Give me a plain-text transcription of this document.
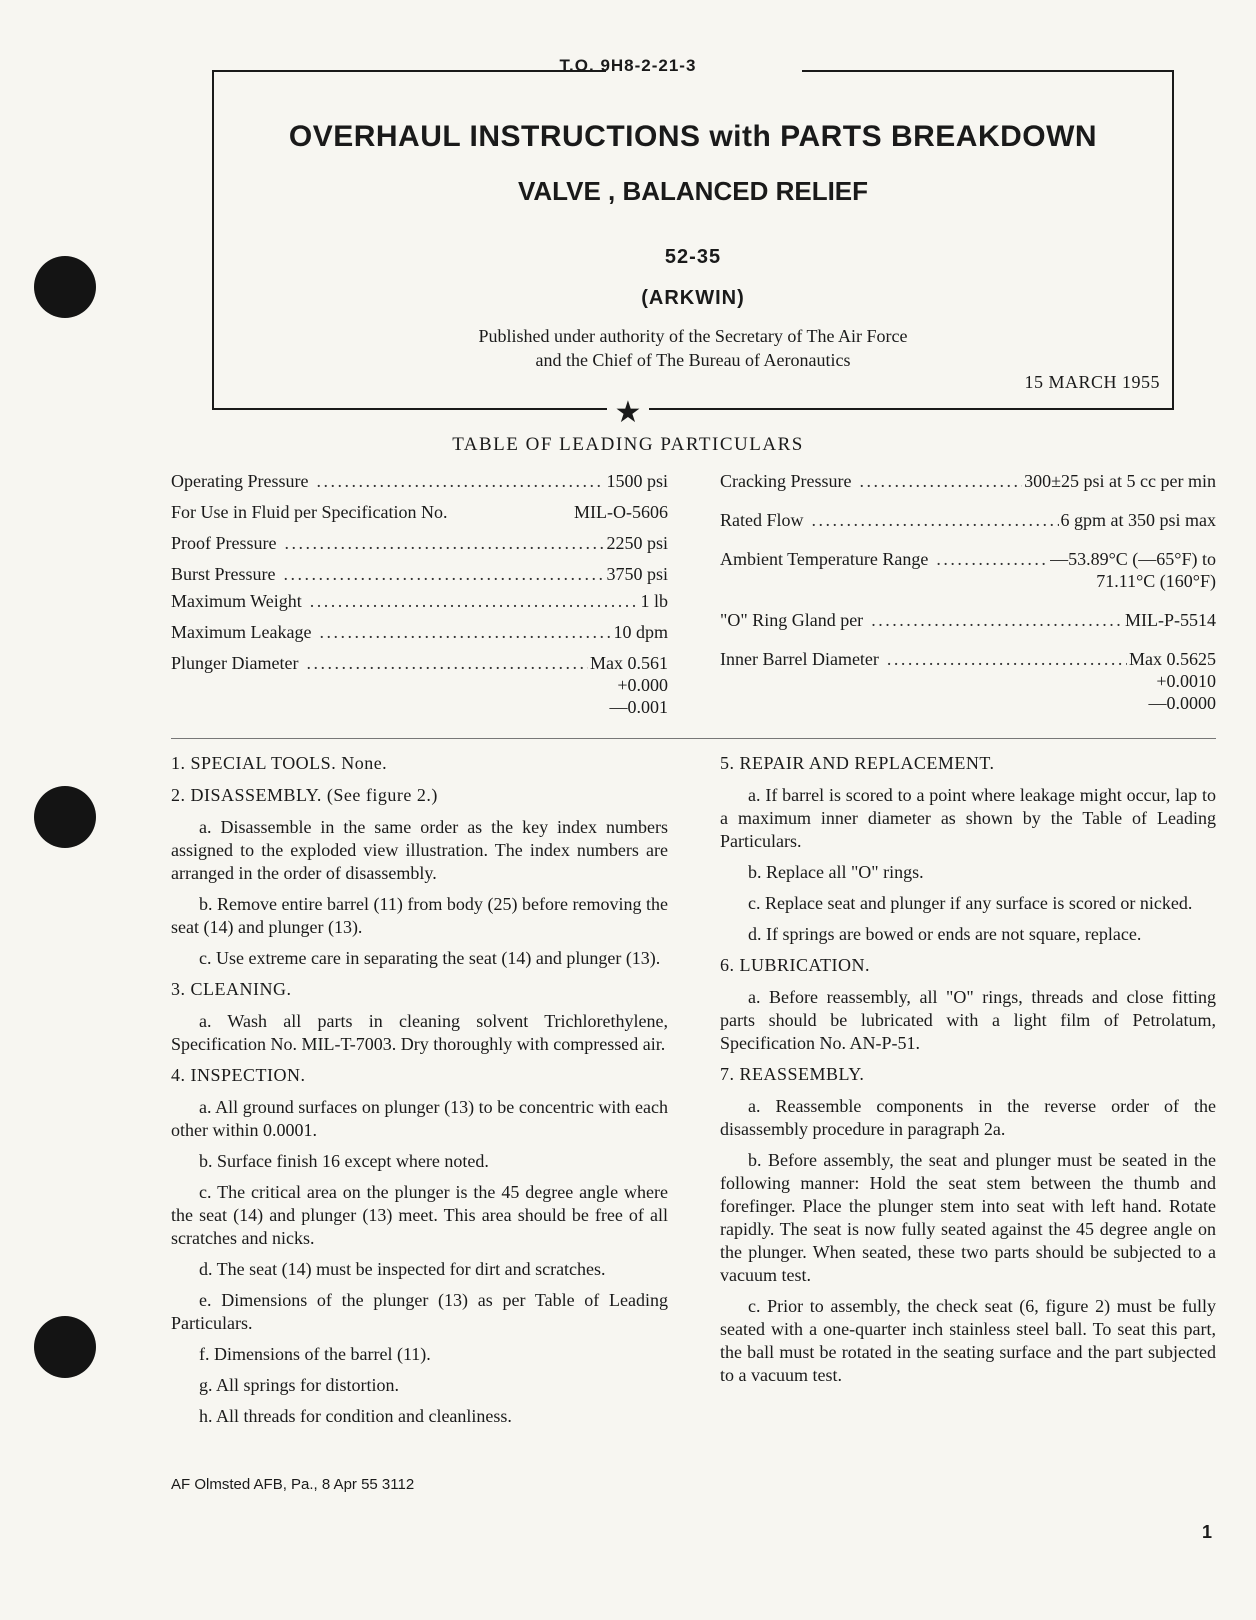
T.O. 9H8-2-21-3
OVERHAUL INSTRUCTIONS with PARTS BREAKDOWN
VALVE , BALANCED RELIEF
52-35
(ARKWIN)
Published under authority of the Secretary of The Air Force
and the Chief of The Bureau of Aeronautics
15 MARCH 1955
★
TABLE OF LEADING PARTICULARS
Operating Pressure . . .	1500 psi
For Use in Fluid per Specification No.	MIL-O-5606
Proof Pressure . . .	2250 psi
Burst Pressure . . .	3750 psi
Maximum Weight . . .	1 lb
Maximum Leakage . . .	10 dpm
Plunger Diameter . . .	Max 0.561
+0.000
—0.001
Cracking Pressure . . .	300±25 psi at 5 cc per min
Rated Flow . . .	6 gpm at 350 psi max
Ambient Temperature Range . . .	—53.89°C (—65°F) to
71.11°C (160°F)
"O" Ring Gland per . . .	MIL-P-5514
Inner Barrel Diameter . . .	Max 0.5625
+0.0010
—0.0000

1. SPECIAL TOOLS. None.

2. DISASSEMBLY. (See figure 2.)

a. Disassemble in the same order as the key index numbers assigned to the exploded view illustration. The index numbers are arranged in the order of disassembly.

b. Remove entire barrel (11) from body (25) before removing the seat (14) and plunger (13).

c. Use extreme care in separating the seat (14) and plunger (13).

3. CLEANING.

a. Wash all parts in cleaning solvent Trichlorethylene, Specification No. MIL-T-7003. Dry thoroughly with compressed air.

4. INSPECTION.

a. All ground surfaces on plunger (13) to be concentric with each other within 0.0001.

b. Surface finish 16 except where noted.

c. The critical area on the plunger is the 45 degree angle where the seat (14) and plunger (13) meet. This area should be free of all scratches and nicks.

d. The seat (14) must be inspected for dirt and scratches.

e. Dimensions of the plunger (13) as per Table of Leading Particulars.

f. Dimensions of the barrel (11).

g. All springs for distortion.

h. All threads for condition and cleanliness.

5. REPAIR AND REPLACEMENT.

a. If barrel is scored to a point where leakage might occur, lap to a maximum inner diameter as shown by the Table of Leading Particulars.

b. Replace all "O" rings.

c. Replace seat and plunger if any surface is scored or nicked.

d. If springs are bowed or ends are not square, replace.

6. LUBRICATION.

a. Before reassembly, all "O" rings, threads and close fitting parts should be lubricated with a light film of Petrolatum, Specification No. AN-P-51.

7. REASSEMBLY.

a. Reassemble components in the reverse order of the disassembly procedure in paragraph 2a.

b. Before assembly, the seat and plunger must be seated in the following manner: Hold the seat stem between the thumb and forefinger. Place the plunger stem into seat with left hand. Rotate rapidly. The seat is now fully seated against the 45 degree angle on the plunger. When seated, these two parts should be subjected to a vacuum test.

c. Prior to assembly, the check seat (6, figure 2) must be fully seated with a one-quarter inch stainless steel ball. To seat this part, the ball must be rotated in the seating surface and the part subjected to a vacuum test.

AF Olmsted AFB, Pa., 8 Apr 55 3112
1
